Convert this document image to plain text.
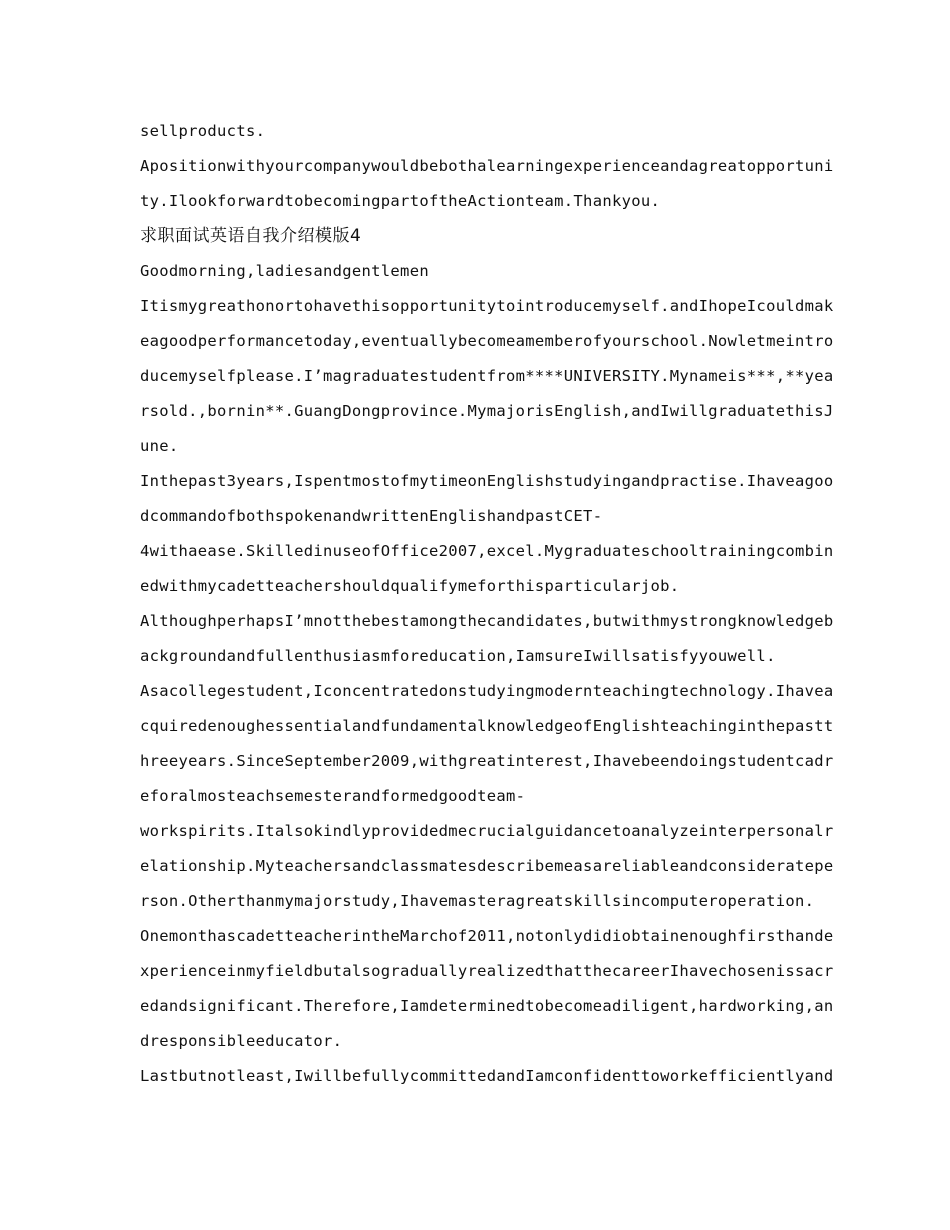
sellproducts.
Apositionwithyourcompanywouldbebothalearningexperienceandagreatopportuni
ty.IlookforwardtobecomingpartoftheActionteam.Thankyou.
求职面试英语自我介绍模版4
Goodmorning,ladiesandgentlemen
Itismygreathonortohavethisopportunitytointroducemyself.andIhopeIcouldmak
eagoodperformancetoday,eventuallybecomeamemberofyourschool.Nowletmeintro
ducemyselfplease.I’magraduatestudentfrom****UNIVERSITY.Mynameis***,**yea
rsold.,bornin**.GuangDongprovince.MymajorisEnglish,andIwillgraduatethisJ
une.
Inthepast3years,IspentmostofmytimeonEnglishstudyingandpractise.Ihaveagoo
dcommandofbothspokenandwrittenEnglishandpastCET-
4withaease.SkilledinuseofOffice2007,excel.Mygraduateschooltrainingcombin
edwithmycadetteachershouldqualifymeforthisparticularjob.
AlthoughperhapsI’mnotthebestamongthecandidates,butwithmystrongknowledgeb
ackgroundandfullenthusiasmforeducation,IamsureIwillsatisfyyouwell.
Asacollegestudent,Iconcentratedonstudyingmodernteachingtechnology.Ihavea
cquiredenoughessentialandfundamentalknowledgeofEnglishteachinginthepastt
hreeyears.SinceSeptember2009,withgreatinterest,Ihavebeendoingstudentcadr
eforalmosteachsemesterandformedgoodteam-
workspirits.Italsokindlyprovidedmecrucialguidancetoanalyzeinterpersonalr
elationship.Myteachersandclassmatesdescribemeasareliableandconsideratepe
rson.Otherthanmymajorstudy,Ihavemasteragreatskillsincomputeroperation.
OnemonthascadetteacherintheMarchof2011,notonlydidiobtainenoughfirsthande
xperienceinmyfieldbutalsograduallyrealizedthatthecareerIhavechosenissacr
edandsignificant.Therefore,Iamdeterminedtobecomeadiligent,hardworking,an
dresponsibleeducator.
Lastbutnotleast,IwillbefullycommittedandIamconfidenttoworkefficientlyand
